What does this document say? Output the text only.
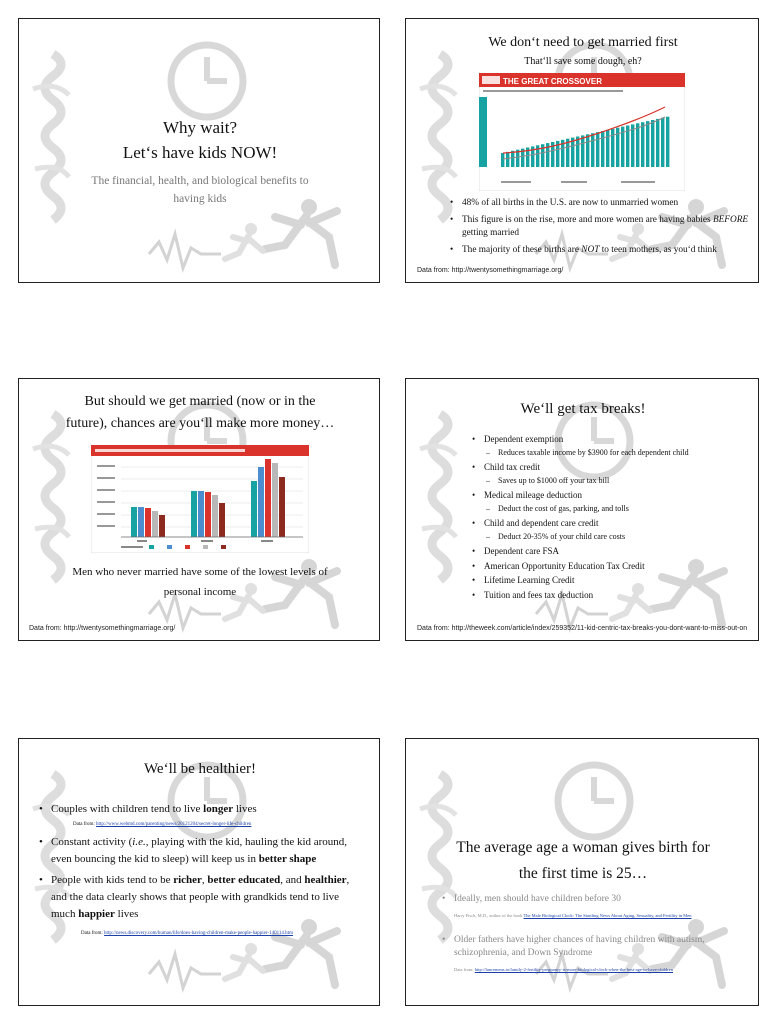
Why wait?
Let‘s have kids NOW!
The financial, health, and biological benefits to
having kids
We don‘t need to get married first
That‘ll save some dough, eh?
THE GREAT CROSSOVER
• 48% of all births in the U.S. are now to unmarried women
• This figure is on the rise, more and more women are having babies BEFORE getting married
• The majority of these births are NOT to teen mothers, as you‘d think
Data from: http://twentysomethingmarriage.org/
But should we get married (now or in the
future), chances are you‘ll make more money…
Men who never married have some of the lowest levels of
personal income
Data from: http://twentysomethingmarriage.org/
We‘ll get tax breaks!
• Dependent exemption
– Reduces taxable income by $3900 for each dependent child
• Child tax credit
– Saves up to $1000 off your tax bill
• Medical mileage deduction
– Deduct the cost of gas, parking, and tolls
• Child and dependent care credit
– Deduct 20-35% of your child care costs
• Dependent care FSA
• American Opportunity Education Tax Credit
• Lifetime Learning Credit
• Tuition and fees tax deduction
Data from: http://theweek.com/article/index/259352/11-kid-centric-tax-breaks-you-dont-want-to-miss-out-on
We‘ll be healthier!
• Couples with children tend to live longer lives
Data from: http://www.webmd.com/parenting/news/20121204/secret-longer-life-children
• Constant activity (i.e., playing with the kid, hauling the kid around, even bouncing the kid to sleep) will keep us in better shape
• People with kids tend to be richer, better educated, and healthier, and the data clearly shows that people with grandkids tend to live much happier lives
Data from: http://news.discovery.com/human/life/does-having-children-make-people-happier-140114.htm
The average age a woman gives birth for
the first time is 25…
• Ideally, men should have children before 30
Harry Fisch, M.D., author of the book The Male Biological Clock: The Startling News About Aging, Sexuality, and Fertility in Men
• Older fathers have higher chances of having children with autism, schizophrenia, and Down Syndrome
Data from: http://lancemens.to/family-2-fertility-pregnancy-is-more-biological-clock-when-the-best-age-to-have-children
